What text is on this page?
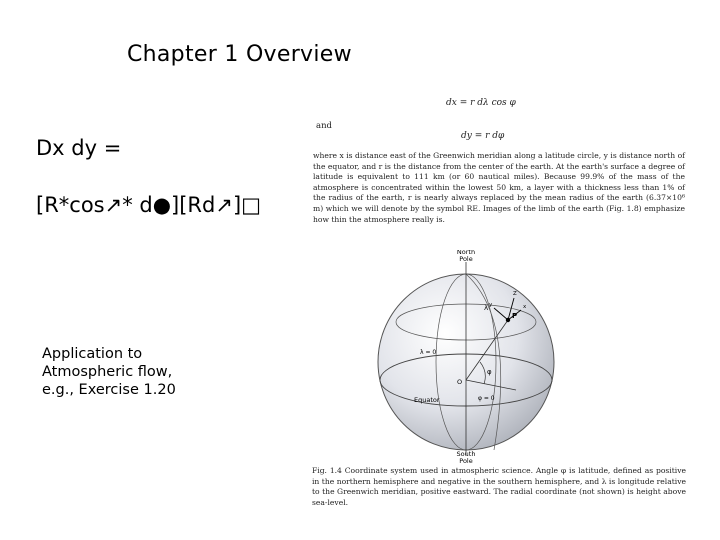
Chapter 1 Overview
Dx dy =
[R*cos↗* d●][Rd↗]□
Application to Atmospheric flow, e.g., Exercise 1.20
dx = r dλ cos φ
and
dy = r dφ
where x is distance east of the Greenwich meridian along a latitude circle, y is distance north of the equator, and r is the distance from the center of the earth. At the earth's surface a degree of latitude is equivalent to 111 km (or 60 nautical miles). Because 99.9% of the mass of the atmosphere is concentrated within the lowest 50 km, a layer with a thickness less than 1% of the radius of the earth, r is nearly always replaced by the mean radius of the earth (6.37×10⁶ m) which we will denote by the symbol RE. Images of the limb of the earth (Fig. 1.8) emphasize how thin the atmosphere really is.
North
Pole
South
Pole
Equator
P
O
φ
λ
λ = 0
φ = 0
Z
x
y
Fig. 1.4 Coordinate system used in atmospheric science. Angle φ is latitude, defined as positive in the northern hemisphere and negative in the southern hemisphere, and λ is longitude relative to the Greenwich meridian, positive eastward. The radial coordinate (not shown) is height above sea-level.
